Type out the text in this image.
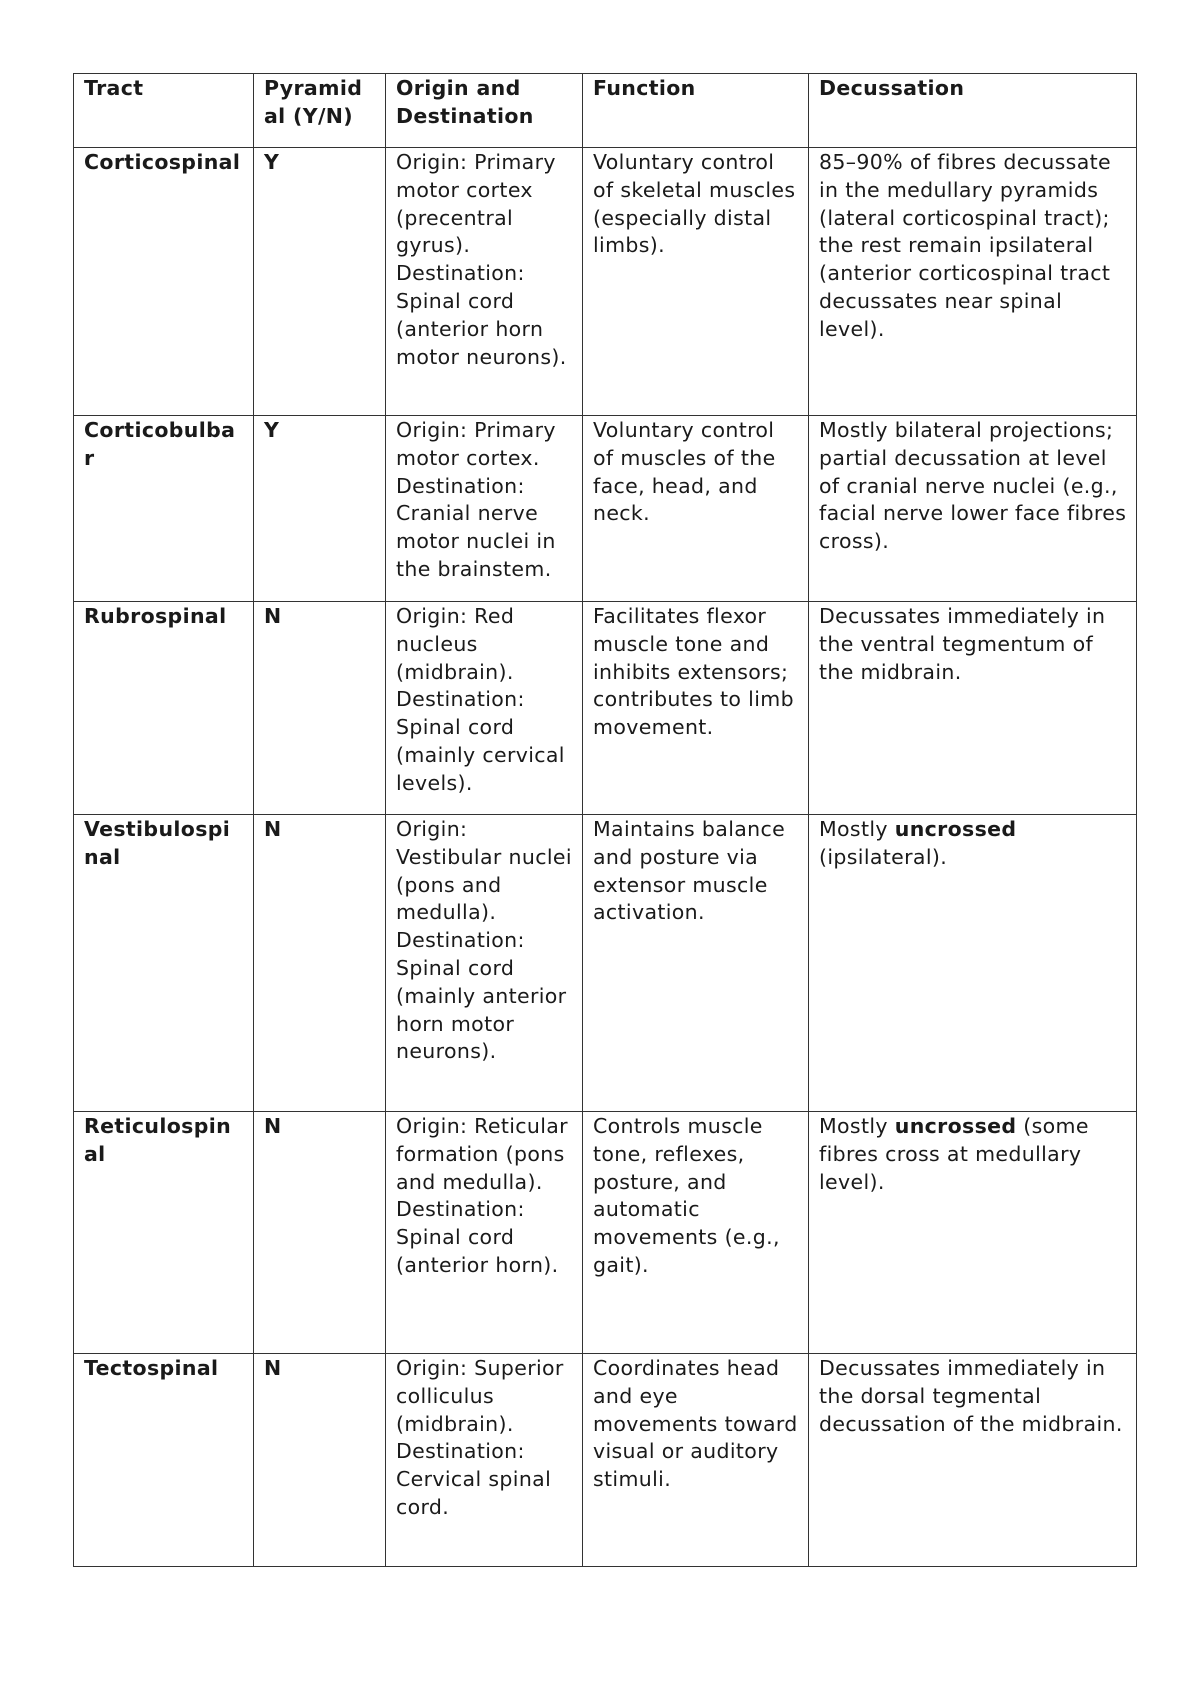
Tract	Pyramidal (Y/N)	Origin and Destination	Function	Decussation
Corticospinal	Y	Origin: Primary motor cortex (precentral gyrus). Destination: Spinal cord (anterior horn motor neurons).	Voluntary control of skeletal muscles (especially distal limbs).	85–90% of fibres decussate in the medullary pyramids (lateral corticospinal tract); the rest remain ipsilateral (anterior corticospinal tract decussates near spinal level).
Corticobulbar	Y	Origin: Primary motor cortex. Destination: Cranial nerve motor nuclei in the brainstem.	Voluntary control of muscles of the face, head, and neck.	Mostly bilateral projections; partial decussation at level of cranial nerve nuclei (e.g., facial nerve lower face fibres cross).
Rubrospinal	N	Origin: Red nucleus (midbrain). Destination: Spinal cord (mainly cervical levels).	Facilitates flexor muscle tone and inhibits extensors; contributes to limb movement.	Decussates immediately in the ventral tegmentum of the midbrain.
Vestibulospinal	N	Origin: Vestibular nuclei (pons and medulla). Destination: Spinal cord (mainly anterior horn motor neurons).	Maintains balance and posture via extensor muscle activation.	Mostly uncrossed (ipsilateral).
Reticulospinal	N	Origin: Reticular formation (pons and medulla). Destination: Spinal cord (anterior horn).	Controls muscle tone, reflexes, posture, and automatic movements (e.g., gait).	Mostly uncrossed (some fibres cross at medullary level).
Tectospinal	N	Origin: Superior colliculus (midbrain). Destination: Cervical spinal cord.	Coordinates head and eye movements toward visual or auditory stimuli.	Decussates immediately in the dorsal tegmental decussation of the midbrain.
